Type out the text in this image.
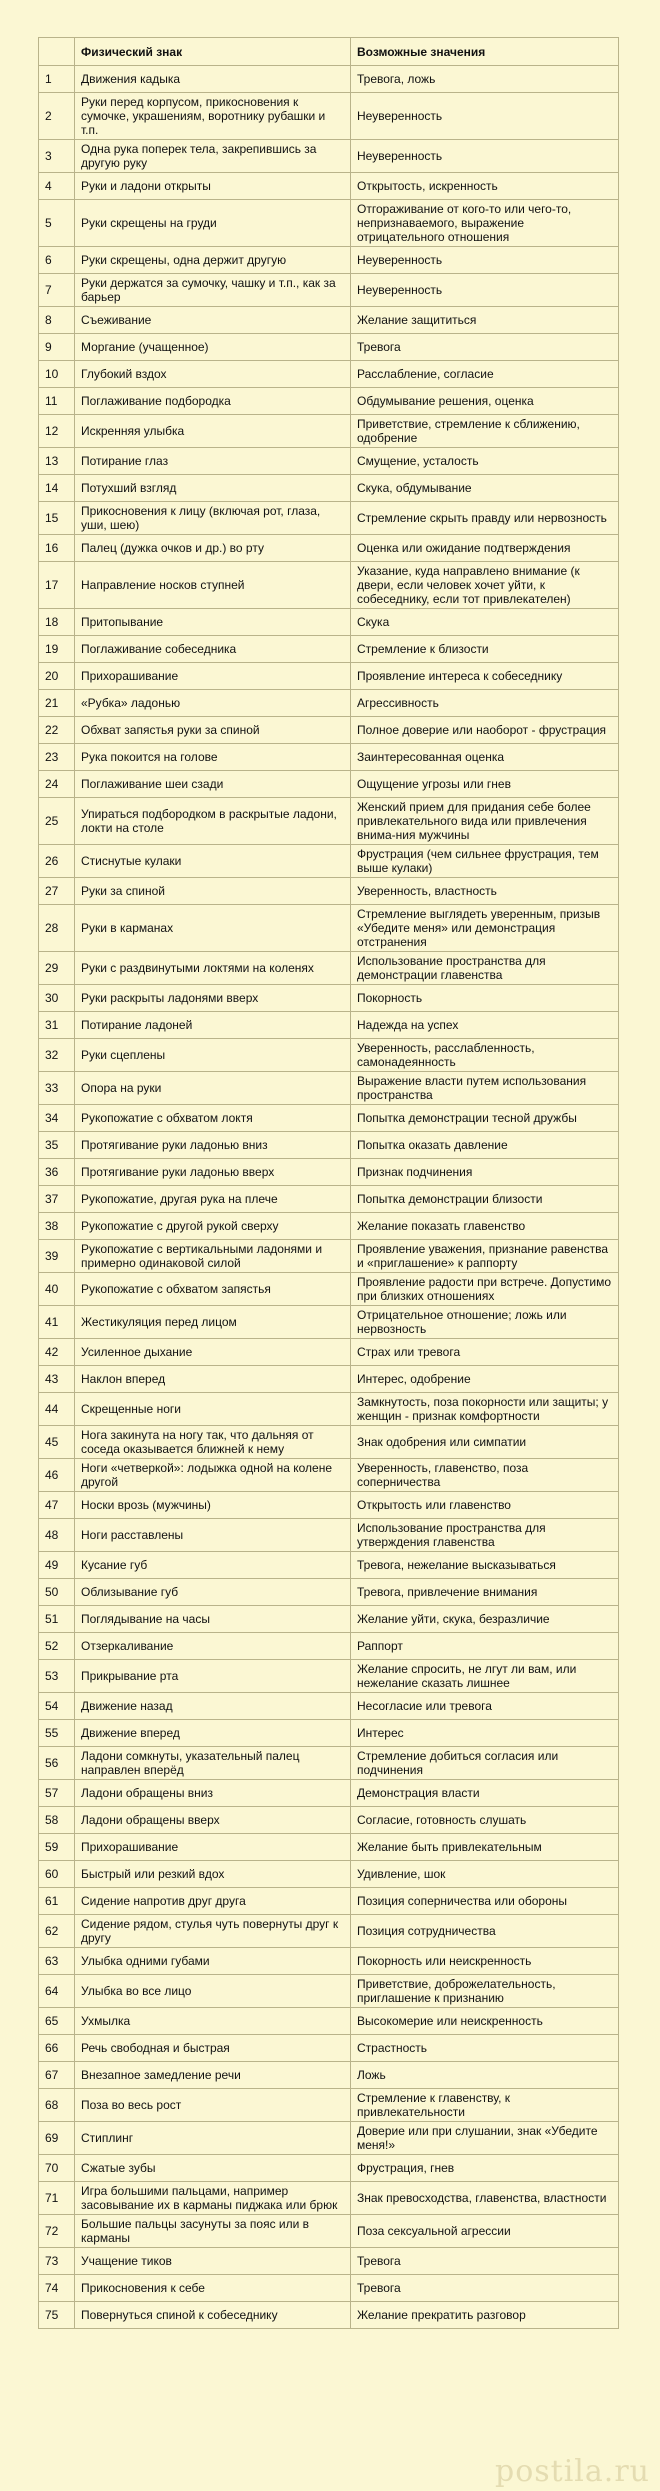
	Физический знак	Возможные значения
1	Движения кадыка	Тревога, ложь
2	Руки перед корпусом, прикосновения к сумочке, украшениям, воротнику рубашки и т.п.	Неуверенность
3	Одна рука поперек тела, закрепившись за другую руку	Неуверенность
4	Руки и ладони открыты	Открытость, искренность
5	Руки скрещены на груди	Отгораживание от кого-то или чего-то, непризнаваемого, выражение отрицательного отношения
6	Руки скрещены, одна держит другую	Неуверенность
7	Руки держатся за сумочку, чашку и т.п., как за барьер	Неуверенность
8	Съеживание	Желание защититься
9	Моргание (учащенное)	Тревога
10	Глубокий вздох	Расслабление, согласие
11	Поглаживание подбородка	Обдумывание решения, оценка
12	Искренняя улыбка	Приветствие, стремление к сближению, одобрение
13	Потирание глаз	Смущение, усталость
14	Потухший взгляд	Скука, обдумывание
15	Прикосновения к лицу (включая рот, глаза, уши, шею)	Стремление скрыть правду или нервозность
16	Палец (дужка очков и др.) во рту	Оценка или ожидание подтверждения
17	Направление носков ступней	Указание, куда направлено внимание (к двери, если человек хочет уйти, к собеседнику, если тот привлекателен)
18	Притопывание	Скука
19	Поглаживание собеседника	Стремление к близости
20	Прихорашивание	Проявление интереса к собеседнику
21	«Рубка» ладонью	Агрессивность
22	Обхват запястья руки за спиной	Полное доверие или наоборот - фрустрация
23	Рука покоится на голове	Заинтересованная оценка
24	Поглаживание шеи сзади	Ощущение угрозы или гнев
25	Упираться подбородком в раскрытые ладони, локти на столе	Женский прием для придания себе более привлекательного вида или привлечения внима-ния мужчины
26	Стиснутые кулаки	Фрустрация (чем сильнее фрустрация, тем выше кулаки)
27	Руки за спиной	Уверенность, властность
28	Руки в карманах	Стремление выглядеть уверенным, призыв «Убедите меня» или демонстрация отстранения
29	Руки с раздвинутыми локтями на коленях	Использование пространства для демонстрации главенства
30	Руки раскрыты ладонями вверх	Покорность
31	Потирание ладоней	Надежда на успех
32	Руки сцеплены	Уверенность, расслабленность, самонадеянность
33	Опора на руки	Выражение власти путем использования пространства
34	Рукопожатие с обхватом локтя	Попытка демонстрации тесной дружбы
35	Протягивание руки ладонью вниз	Попытка оказать давление
36	Протягивание руки ладонью вверх	Признак подчинения
37	Рукопожатие, другая рука на плече	Попытка демонстрации близости
38	Рукопожатие с другой рукой сверху	Желание показать главенство
39	Рукопожатие с вертикальными ладонями и примерно одинаковой силой	Проявление уважения, признание равенства и «приглашение» к раппорту
40	Рукопожатие с обхватом запястья	Проявление радости при встрече. Допустимо при близких отношениях
41	Жестикуляция перед лицом	Отрицательное отношение; ложь или нервозность
42	Усиленное дыхание	Страх или тревога
43	Наклон вперед	Интерес, одобрение
44	Скрещенные ноги	Замкнутость, поза покорности или защиты; у женщин - признак комфортности
45	Нога закинута на ногу так, что дальняя от соседа оказывается ближней к нему	Знак одобрения или симпатии
46	Ноги «четверкой»: лодыжка одной на колене другой	Уверенность, главенство, поза соперничества
47	Носки врозь (мужчины)	Открытость или главенство
48	Ноги расставлены	Использование пространства для утверждения главенства
49	Кусание губ	Тревога, нежелание высказываться
50	Облизывание губ	Тревога, привлечение внимания
51	Поглядывание на часы	Желание уйти, скука, безразличие
52	Отзеркаливание	Раппорт
53	Прикрывание рта	Желание спросить, не лгут ли вам, или нежелание сказать лишнее
54	Движение назад	Несогласие или тревога
55	Движение вперед	Интерес
56	Ладони сомкнуты, указательный палец направлен вперёд	Стремление добиться согласия или подчинения
57	Ладони обращены вниз	Демонстрация власти
58	Ладони обращены вверх	Согласие, готовность слушать
59	Прихорашивание	Желание быть привлекательным
60	Быстрый или резкий вдох	Удивление, шок
61	Сидение напротив друг друга	Позиция соперничества или обороны
62	Сидение рядом, стулья чуть повернуты друг к другу	Позиция сотрудничества
63	Улыбка одними губами	Покорность или неискренность
64	Улыбка во все лицо	Приветствие, доброжелательность, приглашение к признанию
65	Ухмылка	Высокомерие или неискренность
66	Речь свободная и быстрая	Страстность
67	Внезапное замедление речи	Ложь
68	Поза во весь рост	Стремление к главенству, к привлекательности
69	Стиплинг	Доверие или при слушании, знак «Убедите меня!»
70	Сжатые зубы	Фрустрация, гнев
71	Игра большими пальцами, например засовывание их в карманы пиджака или брюк	Знак превосходства, главенства, властности
72	Большие пальцы засунуты за пояс или в карманы	Поза сексуальной агрессии
73	Учащение тиков	Тревога
74	Прикосновения к себе	Тревога
75	Повернуться спиной к собеседнику	Желание прекратить разговор
postila.ru
